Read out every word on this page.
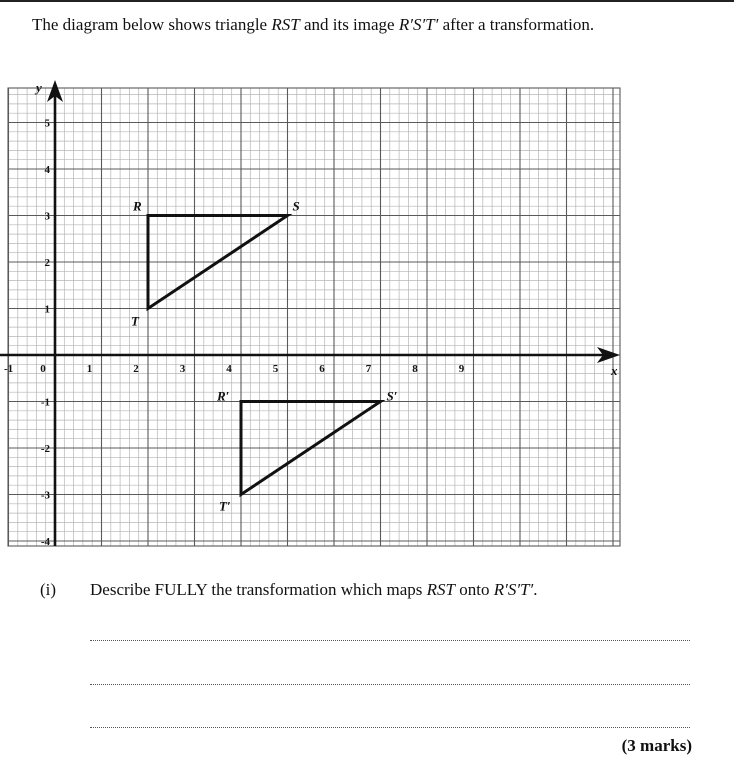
The diagram below shows triangle RST and its image R′S′T′ after a transformation.
-1 0	1	2	3	4	5	6	7	8	9
5
4
3
2
1
-1
-2
-3
-4
x
y
R	S
T
R′	S′
T′
(i) Describe FULLY the transformation which maps RST onto R′S′T′.
(3 marks)
